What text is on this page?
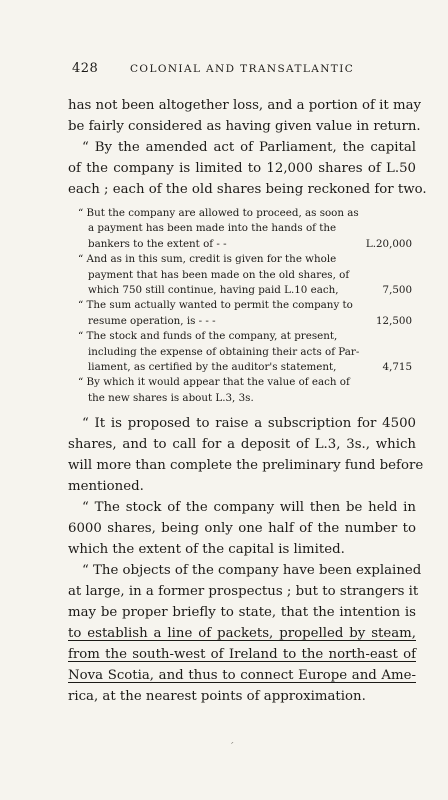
428	COLONIAL AND TRANSATLANTIC
has not been altogether loss, and a portion of it may
be fairly considered as having given value in return.
“ By the amended act of Parliament, the capital
of the company is limited to 12,000 shares of L.50
each ; each of the old shares being reckoned for two.
“ But the company are allowed to proceed, as soon as
a payment has been made into the hands of the
bankers to the extent of - -	L.20,000
“ And as in this sum, credit is given for the whole
payment that has been made on the old shares, of
which 750 still continue, having paid L.10 each,	7,500
“ The sum actually wanted to permit the company to
resume operation, is - - -	12,500
“ The stock and funds of the company, at present,
including the expense of obtaining their acts of Par-
liament, as certified by the auditor's statement,	4,715
“ By which it would appear that the value of each of
the new shares is about L.3, 3s.
“ It is proposed to raise a subscription for 4500
shares, and to call for a deposit of L.3, 3s., which
will more than complete the preliminary fund before
mentioned.
“ The stock of the company will then be held in
6000 shares, being only one half of the number to
which the extent of the capital is limited.
“ The objects of the company have been explained
at large, in a former prospectus ; but to strangers it
may be proper briefly to state, that the intention is
to establish a line of packets, propelled by steam,
from the south-west of Ireland to the north-east of
Nova Scotia, and thus to connect Europe and Ame-
rica, at the nearest points of approximation.
′
